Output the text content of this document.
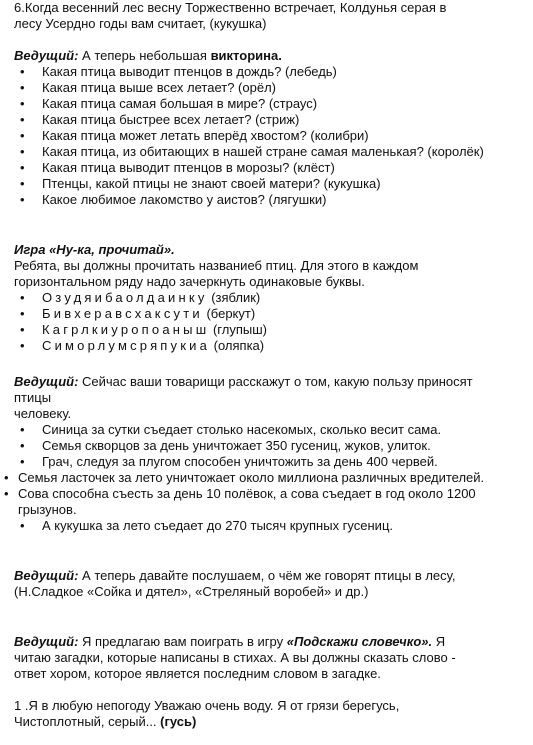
6.Когда весенний лес весну Торжественно встречает, Колдунья серая в

лесу Усердно годы вам считает, (кукушка)

Ведущий: А теперь небольшая викторина.

• Какая птица выводит птенцов в дождь? (лебедь)
• Какая птица выше всех летает? (орёл)
• Какая птица самая большая в мире? (страус)
• Какая птица быстрее всех летает? (стриж)
• Какая птица может летать вперёд хвостом? (колибри)
• Какая птица, из обитающих в нашей стране самая маленькая? (королёк)
• Какая птица выводит птенцов в морозы? (клёст)
• Птенцы, какой птицы не знают своей матери? (кукушка)
• Какое любимое лакомство у аистов? (лягушки)

Игра «Ну-ка, прочитай».

Ребята, вы должны прочитать названиеб птиц. Для этого в каждом

горизонтальном ряду надо зачеркнуть одинаковые буквы.

• Озудяибаолдаинку (зяблик)
• Бивхеравсхаксути (беркут)
• Кагрлкиуропоаныш (глупыш)
• Симорлумсряпукиа (оляпка)

Ведущий: Сейчас ваши товарищи расскажут о том, какую пользу приносят

птицы

человеку.

• Синица за сутки съедает столько насекомых, сколько весит сама.
• Семья скворцов за день уничтожает 350 гусениц, жуков, улиток.
• Грач, следуя за плугом способен уничтожить за день 400 червей.
• Семья ласточек за лето уничтожает около миллиона различных вредителей.
• Сова способна съесть за день 10 полёвок, а сова съедает в год около 1200 грызунов.
• А кукушка за лето съедает до 270 тысяч крупных гусениц.

Ведущий: А теперь давайте послушаем, о чём же говорят птицы в лесу,

(Н.Сладкое «Сойка и дятел», «Стреляный воробей» и др.)

Ведущий: Я предлагаю вам поиграть в игру «Подскажи словечко». Я

читаю загадки, которые написаны в стихах. А вы должны сказать слово -

ответ хором, которое является последним словом в загадке.

1 .Я в любую непогоду Уважаю очень воду. Я от грязи берегусь,

Чистоплотный, серый... (гусь)
